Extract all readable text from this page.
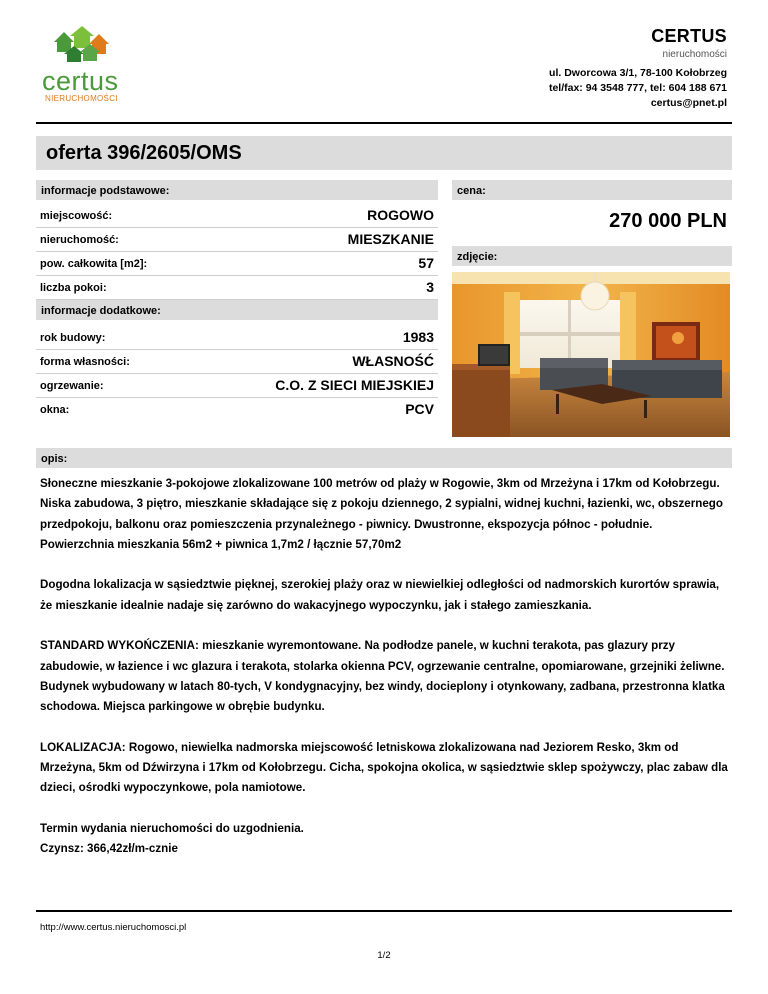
certus
NIERUCHOMOŚCI
CERTUS
nieruchomości
ul. Dworcowa 3/1, 78-100 Kołobrzeg
tel/fax: 94 3548 777, tel: 604 188 671
certus@pnet.pl
oferta 396/2605/OMS
informacje podstawowe:	cena:
miejscowość:	ROGOWO
nieruchomość:	MIESZKANIE
pow. całkowita [m2]:	57
liczba pokoi:	3
270 000 PLN
zdjęcie:
informacje dodatkowe:
rok budowy:	1983
forma własności:	WŁASNOŚĆ
ogrzewanie:	C.O. Z SIECI MIEJSKIEJ
okna:	PCV
opis:
Słoneczne mieszkanie 3-pokojowe zlokalizowane 100 metrów od plaży w Rogowie, 3km od Mrzeżyna i 17km od Kołobrzegu. Niska zabudowa, 3 piętro, mieszkanie składające się z pokoju dziennego, 2 sypialni, widnej kuchni, łazienki, wc, obszernego przedpokoju, balkonu oraz pomieszczenia przynależnego - piwnicy. Dwustronne, ekspozycja północ - południe.

Powierzchnia mieszkania 56m2 + piwnica 1,7m2 / łącznie 57,70m2

Dogodna lokalizacja w sąsiedztwie pięknej, szerokiej plaży oraz w niewielkiej odległości od nadmorskich kurortów sprawia, że mieszkanie idealnie nadaje się zarówno do wakacyjnego wypoczynku, jak i stałego zamieszkania.

STANDARD WYKOŃCZENIA: mieszkanie wyremontowane. Na podłodze panele, w kuchni terakota, pas glazury przy zabudowie, w łazience i wc glazura i terakota, stolarka okienna PCV, ogrzewanie centralne, opomiarowane, grzejniki żeliwne. Budynek wybudowany w latach 80-tych, V kondygnacyjny, bez windy, docieplony i otynkowany, zadbana, przestronna klatka schodowa. Miejsca parkingowe w obrębie budynku.

LOKALIZACJA: Rogowo, niewielka nadmorska miejscowość letniskowa zlokalizowana nad Jeziorem Resko, 3km od Mrzeżyna, 5km od Dźwirzyna i 17km od Kołobrzegu. Cicha, spokojna okolica, w sąsiedztwie sklep spożywczy, plac zabaw dla dzieci, ośrodki wypoczynkowe, pola namiotowe.

Termin wydania nieruchomości do uzgodnienia.
Czynsz: 366,42zł/m-cznie
http://www.certus.nieruchomosci.pl
1/2
